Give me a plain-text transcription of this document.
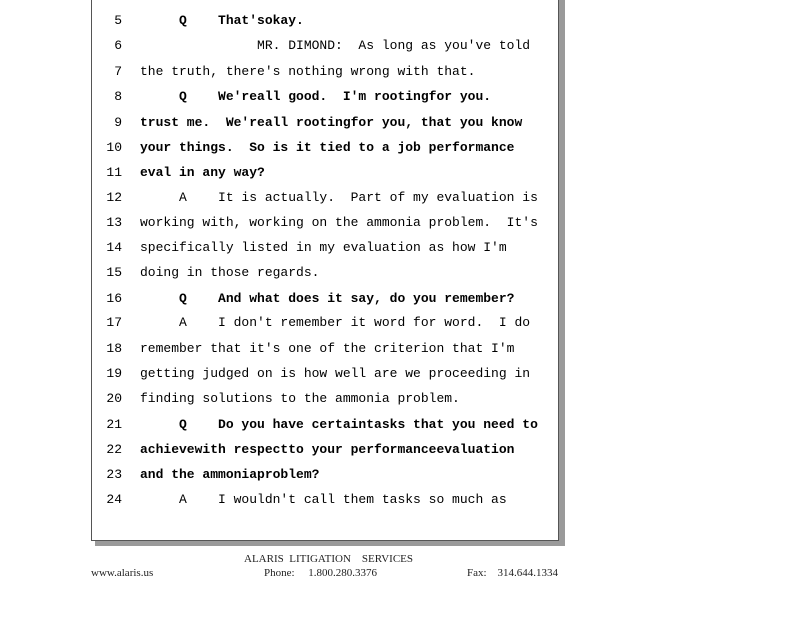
5 Q    That'sokay.
6 MR. DIMOND:  As long as you've told
7 the truth, there's nothing wrong with that.
8 Q    We'reall good.  I'm rootingfor you.
9 trust me.  We'reall rootingfor you, that you know
10 your things.  So is it tied to a job performance
11 eval in any way?
12 A    It is actually.  Part of my evaluation is
13 working with, working on the ammonia problem.  It's
14 specifically listed in my evaluation as how I'm
15 doing in those regards.
16 Q    And what does it say, do you remember?
17 A    I don't remember it word for word.  I do
18 remember that it's one of the criterion that I'm
19 getting judged on is how well are we proceeding in
20 finding solutions to the ammonia problem.
21 Q    Do you have certaintasks that you need to
22 achievewith respectto your performanceevaluation
23 and the ammoniaproblem?
24 A    I wouldn't call them tasks so much as
ALARIS  LITIGATION    SERVICES
www.alaris.us	Phone:     1.800.280.3376	Fax:    314.644.1334
